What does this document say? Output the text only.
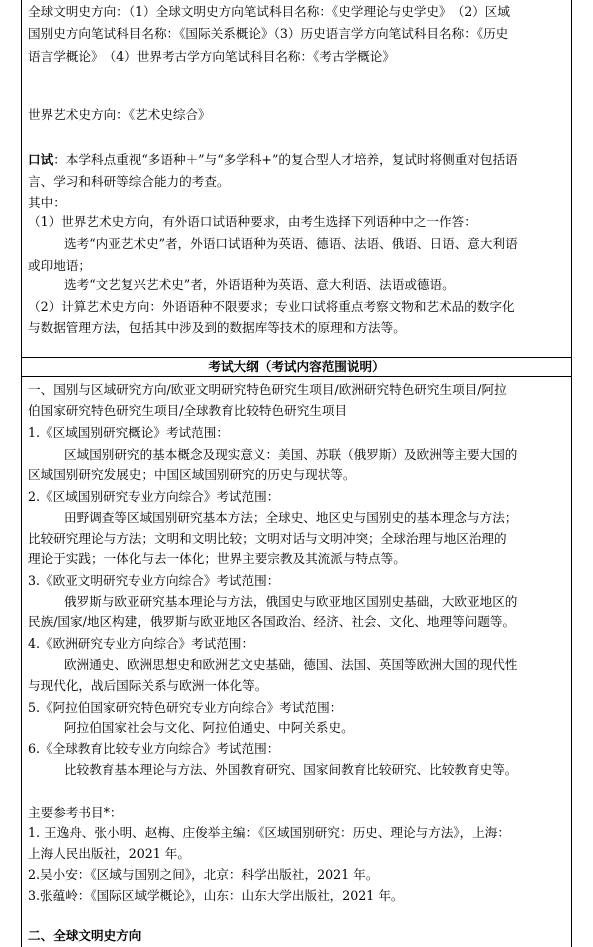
全球文明史方向：（1）全球文明史方向笔试科目名称：《史学理论与史学史》　（2）区域
国别史方向笔试科目名称：《国际关系概论》（3）历史语言学方向笔试科目名称：《历史
语言学概论》　（4）世界考古学方向笔试科目名称：《考古学概论》
世界艺术史方向：《艺术史综合》
口试：本学科点重视“多语种＋”与“多学科+”的复合型人才培养，复试时将侧重对包括语
言、学习和科研等综合能力的考查。
其中：
（1）世界艺术史方向，有外语口试语种要求，由考生选择下列语种中之一作答：
选考“内亚艺术史”者，外语口试语种为英语、德语、法语、俄语、日语、意大利语
或印地语；
选考“文艺复兴艺术史”者，外语语种为英语、意大利语、法语或德语。
（2）计算艺术史方向：外语语种不限要求；专业口试将重点考察文物和艺术品的数字化
与数据管理方法，包括其中涉及到的数据库等技术的原理和方法等。
考试大纲（考试内容范围说明）
一、国别与区域研究方向/欧亚文明研究特色研究生项目/欧洲研究特色研究生项目/阿拉
伯国家研究特色研究生项目/全球教育比较特色研究生项目
1.《区域国别研究概论》考试范围：
区域国别研究的基本概念及现实意义：美国、苏联（俄罗斯）及欧洲等主要大国的
区域国别研究发展史；中国区域国别研究的历史与现状等。
2.《区域国别研究专业方向综合》考试范围：
田野调查等区域国别研究基本方法；全球史、地区史与国别史的基本理念与方法；
比较研究理论与方法；文明和文明比较；文明对话与文明冲突；全球治理与地区治理的
理论于实践；一体化与去一体化；世界主要宗教及其流派与特点等。
3.《欧亚文明研究专业方向综合》考试范围：
俄罗斯与欧亚研究基本理论与方法，俄国史与欧亚地区国别史基础，大欧亚地区的
民族/国家/地区构建，俄罗斯与欧亚地区各国政治、经济、社会、文化、地理等问题等。
4.《欧洲研究专业方向综合》考试范围：
欧洲通史、欧洲思想史和欧洲艺文史基础，德国、法国、英国等欧洲大国的现代性
与现代化，战后国际关系与欧洲一体化等。
5.《阿拉伯国家研究特色研究专业方向综合》考试范围：
阿拉伯国家社会与文化、阿拉伯通史、中阿关系史。
6.《全球教育比较专业方向综合》考试范围：
比较教育基本理论与方法、外国教育研究、国家间教育比较研究、比较教育史等。
主要参考书目*：
1. 王逸舟、张小明、赵梅、庄俊举主编：《区域国别研究：历史、理论与方法》，上海：
上海人民出版社，2021 年。
2.吴小安：《区域与国别之间》，北京：科学出版社，2021 年。
3.张蕴岭：《国际区域学概论》，山东：山东大学出版社，2021 年。
二、全球文明史方向
